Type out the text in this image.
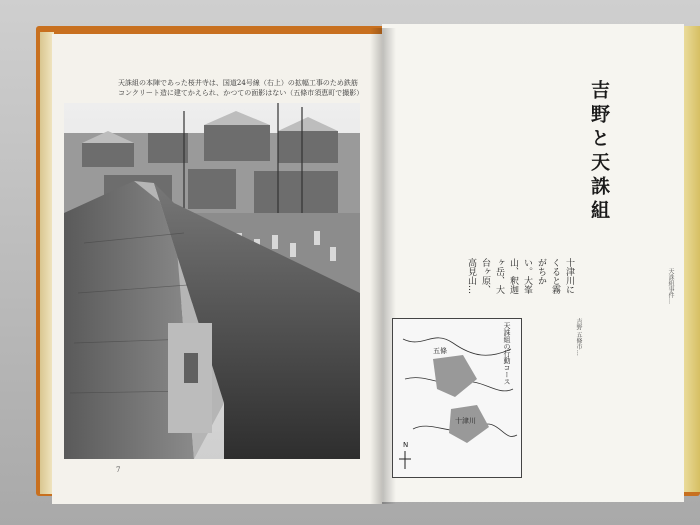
天誅組の本陣であった桜井寺は、国道24号線（右上）の拡幅工事のため鉄筋コンクリート造に建てかえられ、かつての面影はない（五條市須恵町で撮影）
7
吉野と天誅組
十津川にくると霧がちかい。大峯山、釈迦ヶ岳、大台ヶ原、高見山…
N
五條
十津川
天誅組の行動コース	吉野 五條市…
天誅組事件…
